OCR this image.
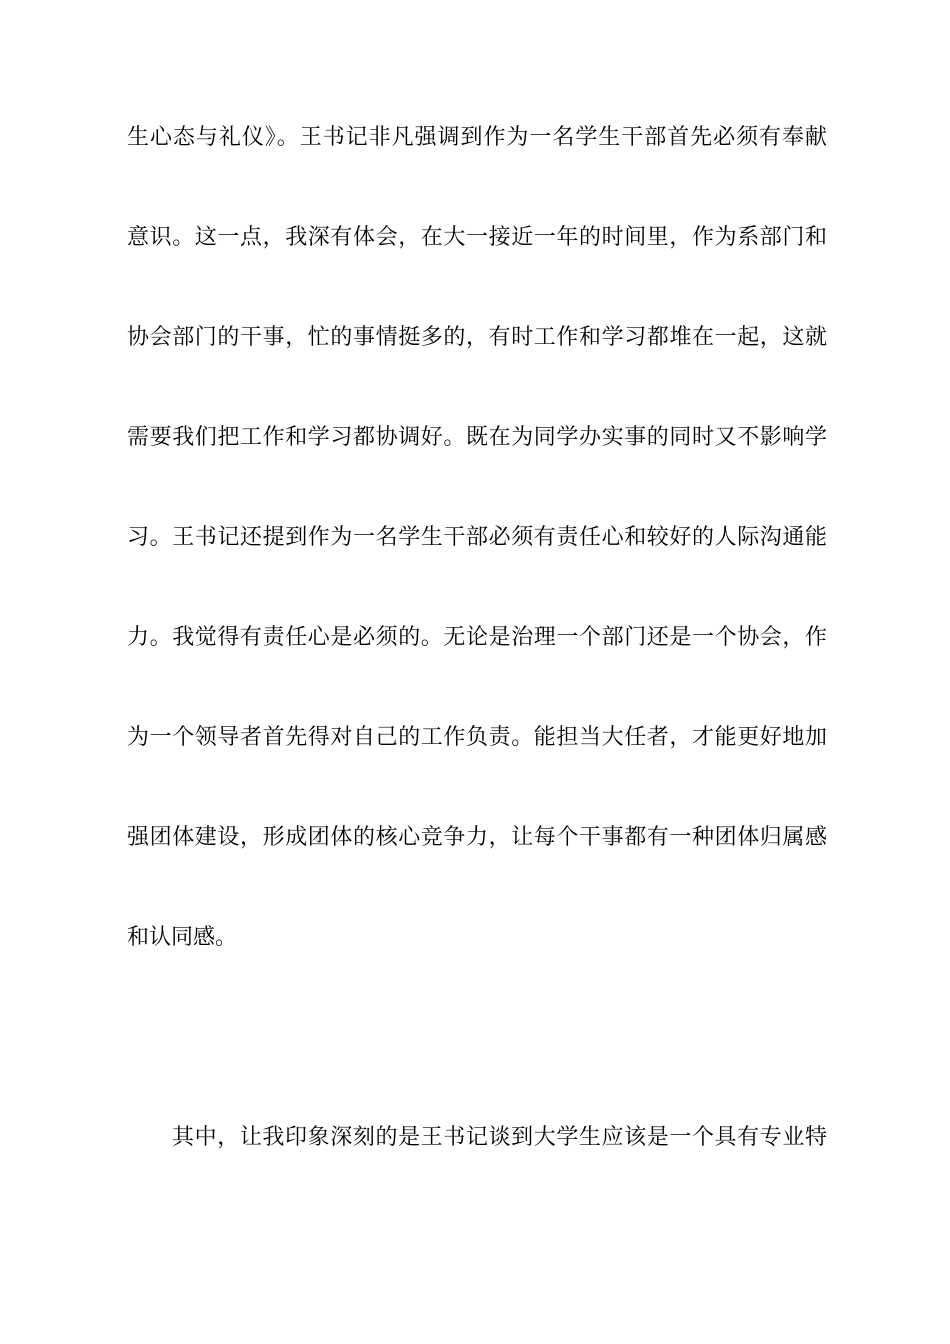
生心态与礼仪》。王书记非凡强调到作为一名学生干部首先必须有奉献
意识。这一点，我深有体会，在大一接近一年的时间里，作为系部门和
协会部门的干事，忙的事情挺多的，有时工作和学习都堆在一起，这就
需要我们把工作和学习都协调好。既在为同学办实事的同时又不影响学
习。王书记还提到作为一名学生干部必须有责任心和较好的人际沟通能
力。我觉得有责任心是必须的。无论是治理一个部门还是一个协会，作
为一个领导者首先得对自己的工作负责。能担当大任者，才能更好地加
强团体建设，形成团体的核心竞争力，让每个干事都有一种团体归属感
和认同感。
其中，让我印象深刻的是王书记谈到大学生应该是一个具有专业特
